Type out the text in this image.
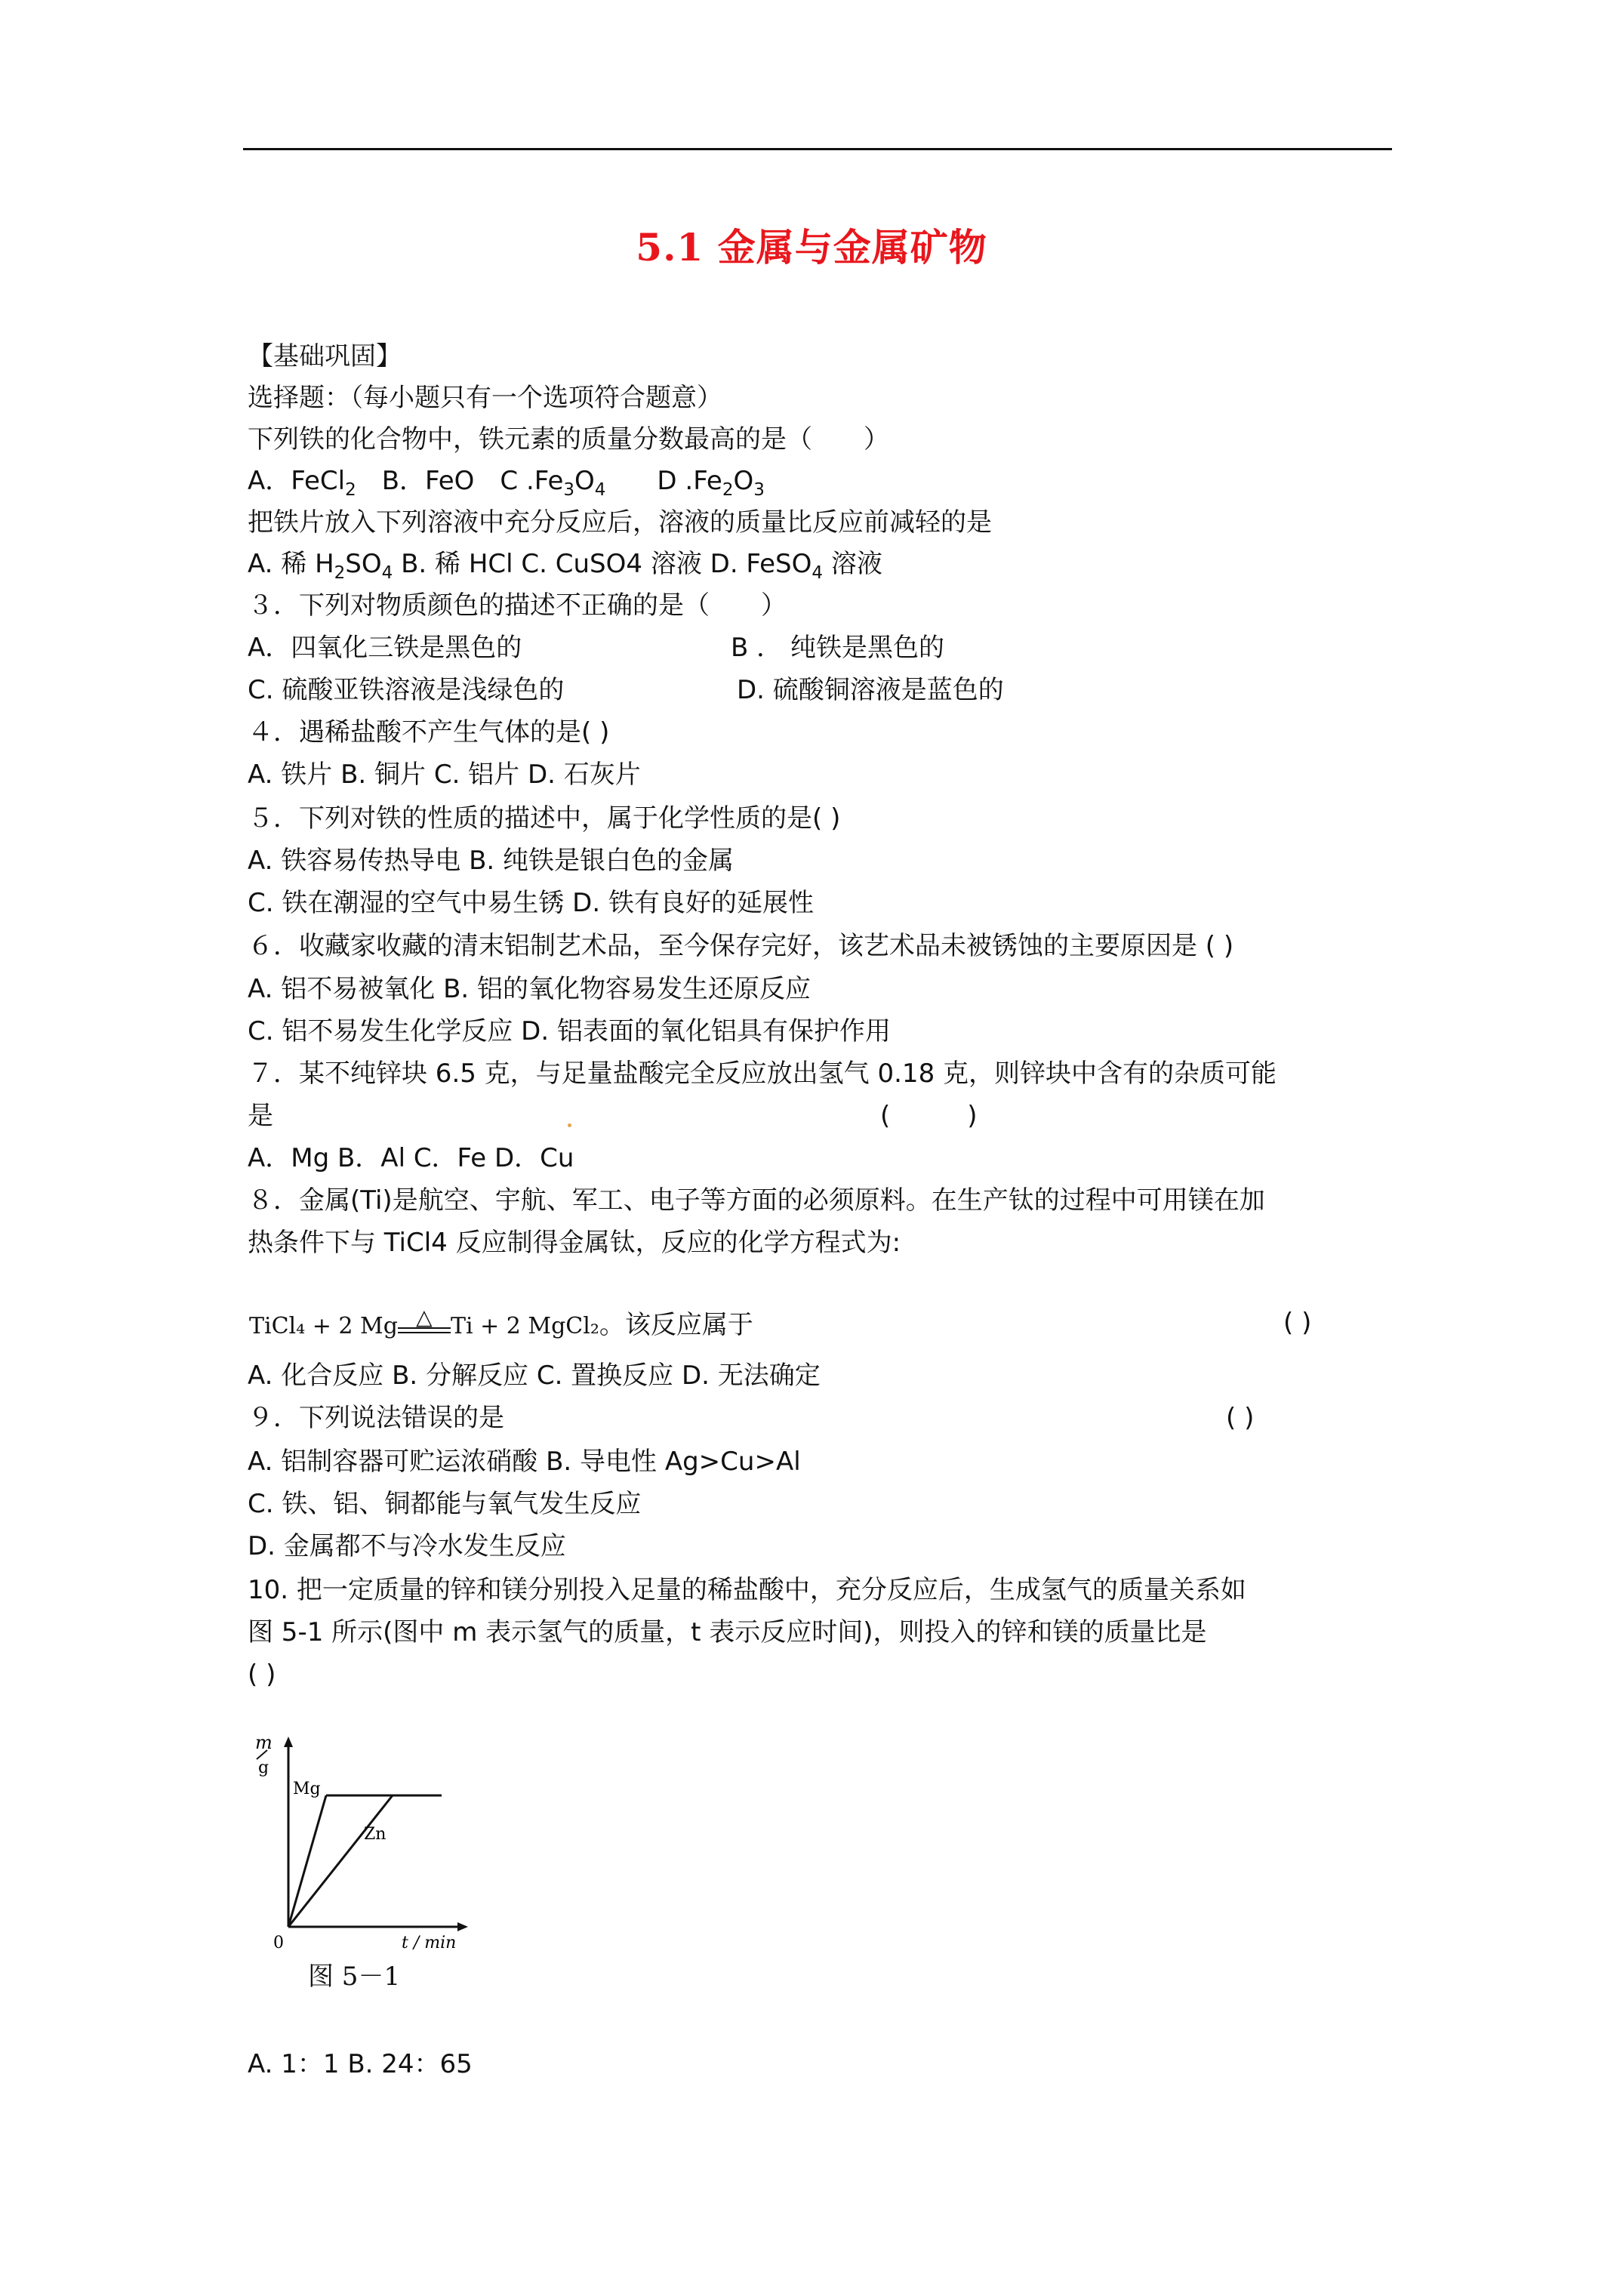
5.1 金属与金属矿物
【基础巩固】
选择题：（每小题只有一个选项符合题意）
下列铁的化合物中，铁元素的质量分数最高的是（　　）
A．FeCl$_2$　B．FeO　C $.Fe_3O_4$　　D $.Fe_2O_3$
把铁片放入下列溶液中充分反应后，溶液的质量比反应前减轻的是
A. 稀 $H_2SO_4$ B. 稀 HCl C. CuSO4 溶液 D. FeSO$_4$ 溶液
３．下列对物质颜色的描述不正确的是（　　）
A．四氧化三铁是黑色的	B ． 纯铁是黑色的
C. 硫酸亚铁溶液是浅绿色的	D. 硫酸铜溶液是蓝色的
４．遇稀盐酸不产生气体的是( )
A. 铁片 B. 铜片 C. 铝片 D. 石灰片
５．下列对铁的性质的描述中，属于化学性质的是( )
A. 铁容易传热导电 B. 纯铁是银白色的金属
C. 铁在潮湿的空气中易生锈 D. 铁有良好的延展性
６．收藏家收藏的清末铝制艺术品，至今保存完好，该艺术品未被锈蚀的主要原因是 ( )
A. 铝不易被氧化 B. 铝的氧化物容易发生还原反应
C. 铝不易发生化学反应 D. 铝表面的氧化铝具有保护作用
７．某不纯锌块 6.5 克，与足量盐酸完全反应放出氢气 0.18 克，则锌块中含有的杂质可能
是	(　　　)
A．Mg B．Al C．Fe D．Cu
８．金属(Ti)是航空、宇航、军工、电子等方面的必须原料。在生产钛的过程中可用镁在加
热条件下与 TiCl4 反应制得金属钛，反应的化学方程式为:
TiCl₄ + 2 Mg △ Ti + 2 MgCl₂。该反应属于	( )
A. 化合反应 B. 分解反应 C. 置换反应 D. 无法确定
９．下列说法错误的是	( )
A. 铝制容器可贮运浓硝酸 B. 导电性 Ag>Cu>Al
C. 铁、铝、铜都能与氧气发生反应
D. 金属都不与冷水发生反应
10. 把一定质量的锌和镁分别投入足量的稀盐酸中，充分反应后，生成氢气的质量关系如
图 5-1 所示(图中 m 表示氢气的质量，t 表示反应时间)，则投入的锌和镁的质量比是
( )
m
g
0	t / min
Mg
Zn
图 5－1
A. 1：1 B. 24：65
